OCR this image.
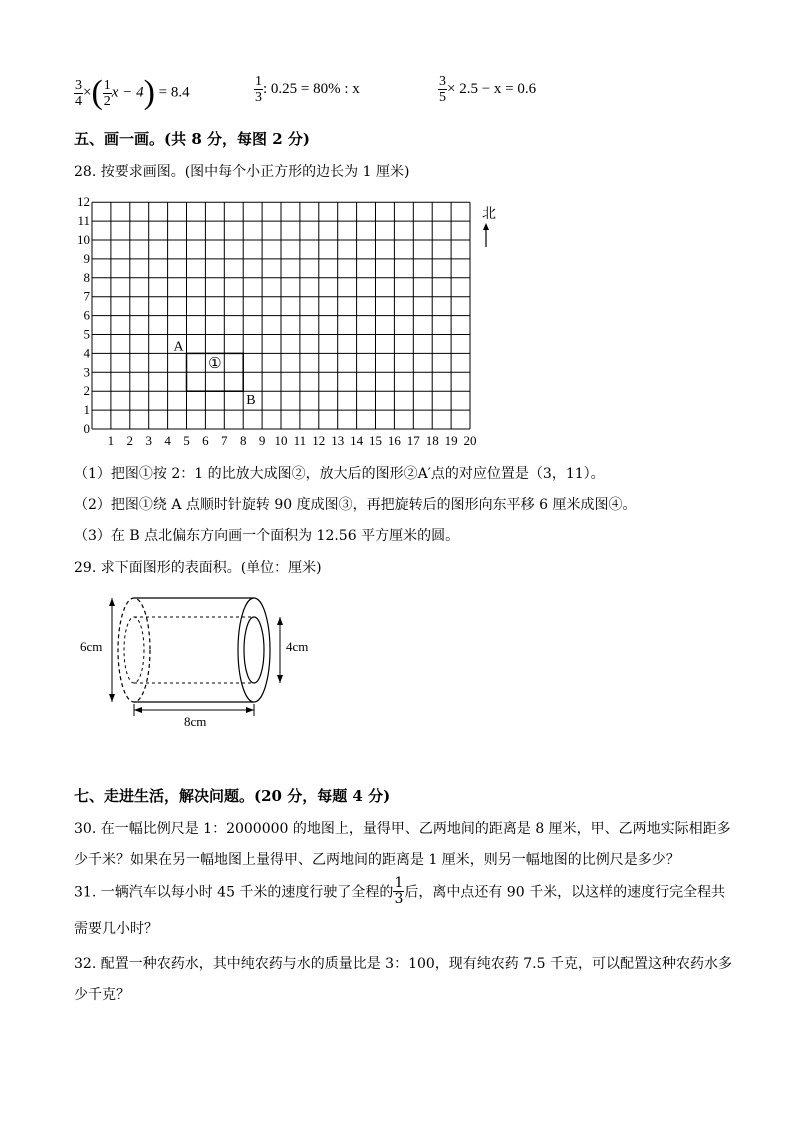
$\frac{3}{4}$ ×( $\frac{1}{2}$ x − 4) = 8.4	$\frac{1}{3}$ : 0.25 = 80% : x	$\frac{3}{5} \times 2.5 - x = 0.6$
五、画一画。(共 8 分，每图 2 分)
28. 按要求画图。(图中每个小正方形的边长为 1 厘米)
0
1
2
3
4
5
6
7
8
9
10
11
12
1 2 3 4 5 6 7 8 9 10 11 12 13 14 15 16 17 18 19 20
A
B
①
北
（1）把图①按 2：1 的比放大成图②，放大后的图形②A′点的对应位置是（3，11）。
（2）把图①绕 A 点顺时针旋转 90 度成图③，再把旋转后的图形向东平移 6 厘米成图④。
（3）在 B 点北偏东方向画一个面积为 12.56 平方厘米的圆。
29. 求下面图形的表面积。(单位：厘米)
6cm	4cm
8cm
七、走进生活，解决问题。(20 分，每题 4 分)
30. 在一幅比例尺是 1：2000000 的地图上，量得甲、乙两地间的距离是 8 厘米，甲、乙两地实际相距多
少千米？如果在另一幅地图上量得甲、乙两地间的距离是 1 厘米，则另一幅地图的比例尺是多少？
31. 一辆汽车以每小时 45 千米的速度行驶了全程的 $\frac{1}{3}$ 后，离中点还有 90 千米，以这样的速度行完全程共
需要几小时？
32. 配置一种农药水，其中纯农药与水的质量比是 3：100，现有纯农药 7.5 千克，可以配置这种农药水多
少千克？
